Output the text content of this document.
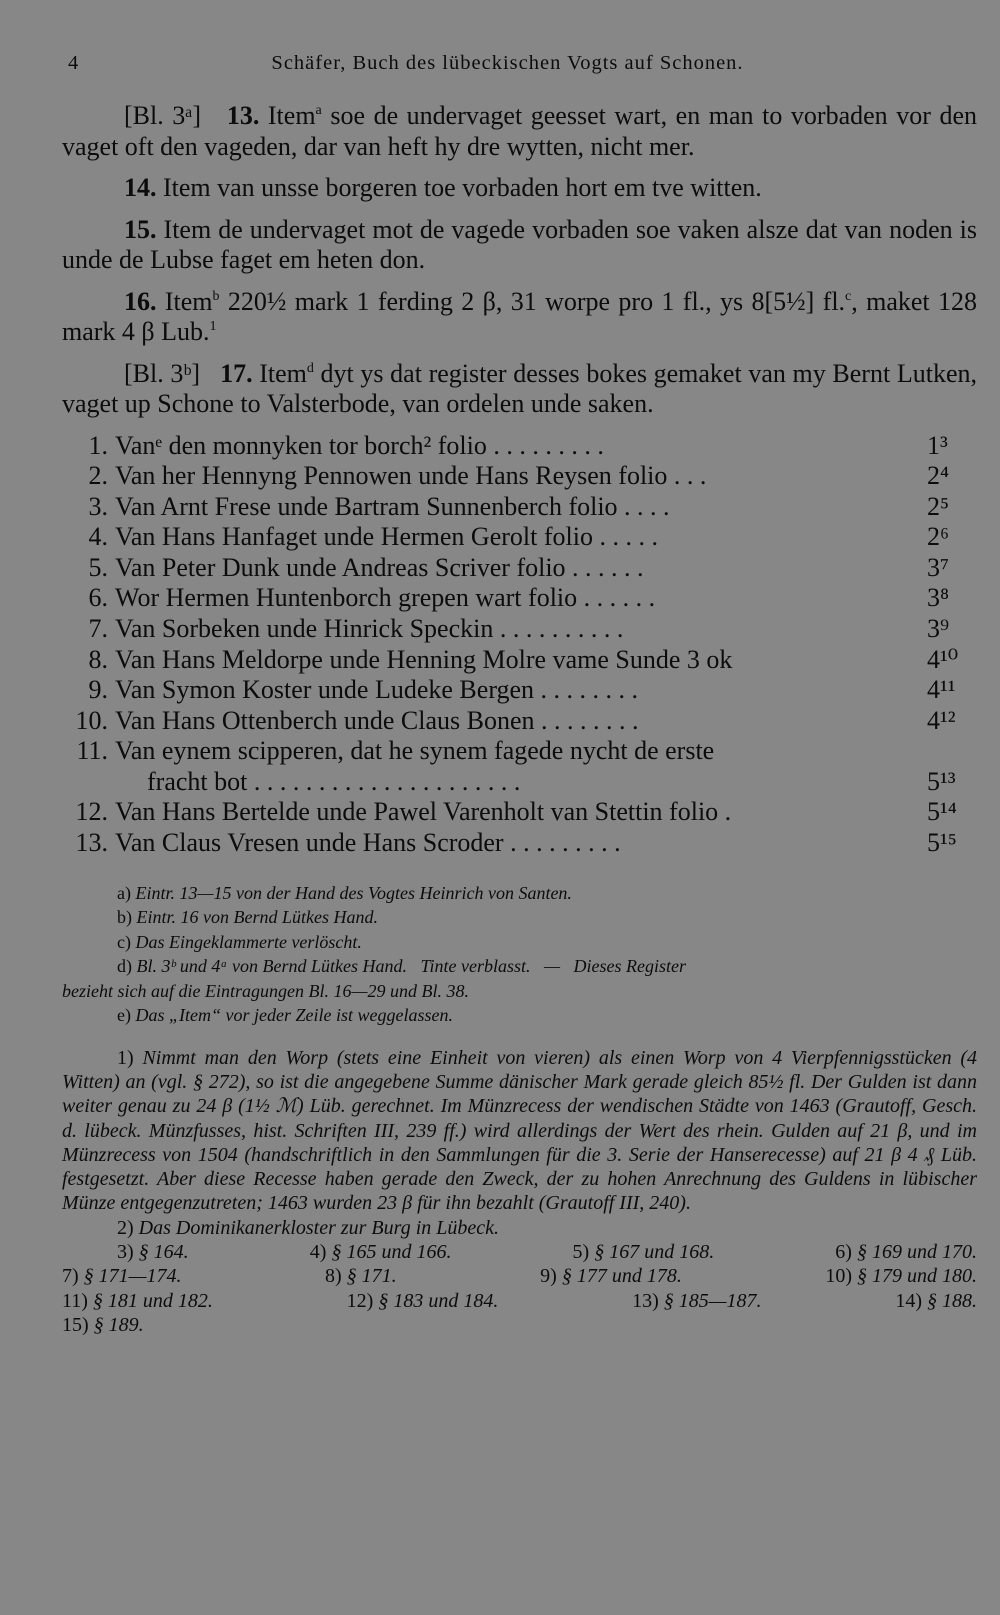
4	Schäfer, Buch des lübeckischen Vogts auf Schonen.

[Bl. 3ᵃ] 13. Item$^a$ soe de undervaget geesset wart, en man to vorbaden vor den vaget oft den vageden, dar van heft hy dre wytten, nicht mer.

14. Item van unsse borgeren toe vorbaden hort em tve witten.

15. Item de undervaget mot de vagede vorbaden soe vaken alsze dat van noden is unde de Lubse faget em heten don.

16. Item$^b$ 220½ mark 1 ferding 2 β, 31 worpe pro 1 fl., ys 8[5½] fl.$^c$, maket 128 mark 4 β Lub.$^1$

[Bl. 3ᵇ] 17. Item$^d$ dyt ys dat register desses bokes gemaket van my Bernt Lutken, vaget up Schone to Valsterbode, van ordelen unde saken.

1. Vanᵉ den monnyken tor borch² folio . . . . . . . . .	1³
2. Van her Hennyng Pennowen unde Hans Reysen folio . . .	2⁴
3. Van Arnt Frese unde Bartram Sunnenberch folio . . . .	2⁵
4. Van Hans Hanfaget unde Hermen Gerolt folio . . . . .	2⁶
5. Van Peter Dunk unde Andreas Scriver folio . . . . . .	3⁷
6. Wor Hermen Huntenborch grepen wart folio . . . . . .	3⁸
7. Van Sorbeken unde Hinrick Speckin . . . . . . . . . .	3⁹
8. Van Hans Meldorpe unde Henning Molre vame Sunde 3 ok	4¹⁰
9. Van Symon Koster unde Ludeke Bergen . . . . . . . .	4¹¹
10. Van Hans Ottenberch unde Claus Bonen . . . . . . . .	4¹²
11. Van eynem scipperen, dat he synem fagede nycht de erste
fracht bot . . . . . . . . . . . . . . . . . . . . .	5¹³
12. Van Hans Bertelde unde Pawel Varenholt van Stettin folio .	5¹⁴
13. Van Claus Vresen unde Hans Scroder . . . . . . . . .	5¹⁵
a) Eintr. 13—15 von der Hand des Vogtes Heinrich von Santen.
b) Eintr. 16 von Bernd Lütkes Hand.
c) Das Eingeklammerte verlöscht.
d) Bl. 3ᵇ und 4ᵃ von Bernd Lütkes Hand.   Tinte verblasst.   —   Dieses Register
bezieht sich auf die Eintragungen Bl. 16—29 und Bl. 38.
e) Das „Item“ vor jeder Zeile ist weggelassen.

1) Nimmt man den Worp (stets eine Einheit von vieren) als einen Worp von 4 Vierpfennigsstücken (4 Witten) an (vgl. § 272), so ist die angegebene Summe dänischer Mark gerade gleich 85½ fl. Der Gulden ist dann weiter genau zu 24 β (1½ ℳ) Lüb. gerechnet. Im Münzrecess der wendischen Städte von 1463 (Grautoff, Gesch. d. lübeck. Münzfusses, hist. Schriften III, 239 ff.) wird allerdings der Wert des rhein. Gulden auf 21 β, und im Münzrecess von 1504 (handschriftlich in den Sammlungen für die 3. Serie der Hanserecesse) auf 21 β 4 ₰ Lüb. festgesetzt. Aber diese Recesse haben gerade den Zweck, der zu hohen Anrechnung des Guldens in lübischer Münze entgegenzutreten; 1463 wurden 23 β für ihn bezahlt (Grautoff III, 240).

2) Das Dominikanerkloster zur Burg in Lübeck.

3) § 164.	4) § 165 und 166.	5) § 167 und 168.	6) § 169 und 170.
7) § 171—174.	8) § 171.	9) § 177 und 178.	10) § 179 und 180.
11) § 181 und 182.	12) § 183 und 184.	13) § 185—187.	14) § 188.
15) § 189.
